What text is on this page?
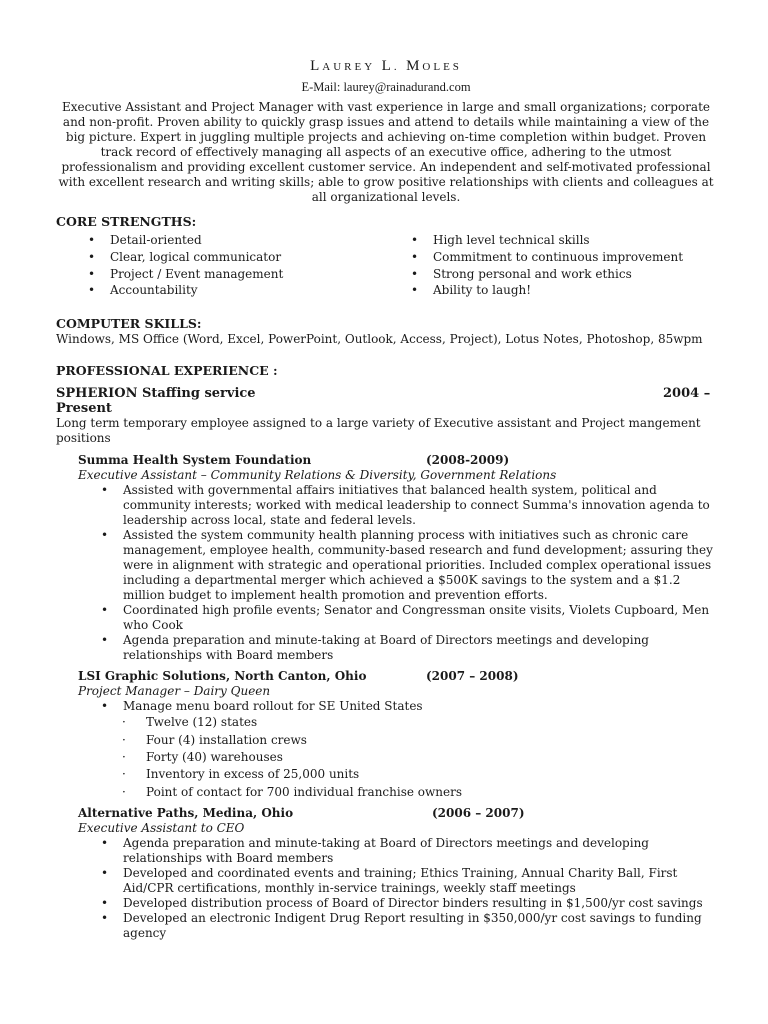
LAUREY L. MOLES
E-Mail: laurey@rainadurand.com
Executive Assistant and Project Manager with vast experience in large and small organizations; corporate and non-profit. Proven ability to quickly grasp issues and attend to details while maintaining a view of the big picture. Expert in juggling multiple projects and achieving on-time completion within budget. Proven track record of effectively managing all aspects of an executive office, adhering to the utmost professionalism and providing excellent customer service. An independent and self-motivated professional with excellent research and writing skills; able to grow positive relationships with clients and colleagues at all organizational levels.
CORE STRENGTHS:
• Detail-oriented
• Clear, logical communicator
• Project / Event management
• Accountability
• High level technical skills
• Commitment to continuous improvement
• Strong personal and work ethics
• Ability to laugh!
COMPUTER SKILLS:
Windows, MS Office (Word, Excel, PowerPoint, Outlook, Access, Project), Lotus Notes, Photoshop, 85wpm
PROFESSIONAL EXPERIENCE :
SPHERION Staffing service	2004 –
Present
Long term temporary employee assigned to a large variety of Executive assistant and Project mangement positions
Summa Health System Foundation	(2008-2009)
Executive Assistant – Community Relations & Diversity, Government Relations
• Assisted with governmental affairs initiatives that balanced health system, political and community interests; worked with medical leadership to connect Summa's innovation agenda to leadership across local, state and federal levels.
• Assisted the system community health planning process with initiatives such as chronic care management, employee health, community-based research and fund development; assuring they were in alignment with strategic and operational priorities. Included complex operational issues including a departmental merger which achieved a $500K savings to the system and a $1.2 million budget to implement health promotion and prevention efforts.
• Coordinated high profile events; Senator and Congressman onsite visits, Violets Cupboard, Men who Cook
• Agenda preparation and minute-taking at Board of Directors meetings and developing relationships with Board members
LSI Graphic Solutions, North Canton, Ohio	(2007 – 2008)
Project Manager – Dairy Queen
• Manage menu board rollout for SE United States
· Twelve (12) states
· Four (4) installation crews
· Forty (40) warehouses
· Inventory in excess of 25,000 units
· Point of contact for 700 individual franchise owners
Alternative Paths, Medina, Ohio	(2006 – 2007)
Executive Assistant to CEO
• Agenda preparation and minute-taking at Board of Directors meetings and developing relationships with Board members
• Developed and coordinated events and training; Ethics Training, Annual Charity Ball, First Aid/CPR certifications, monthly in-service trainings, weekly staff meetings
• Developed distribution process of Board of Director binders resulting in $1,500/yr cost savings
• Developed an electronic Indigent Drug Report resulting in $350,000/yr cost savings to funding agency
